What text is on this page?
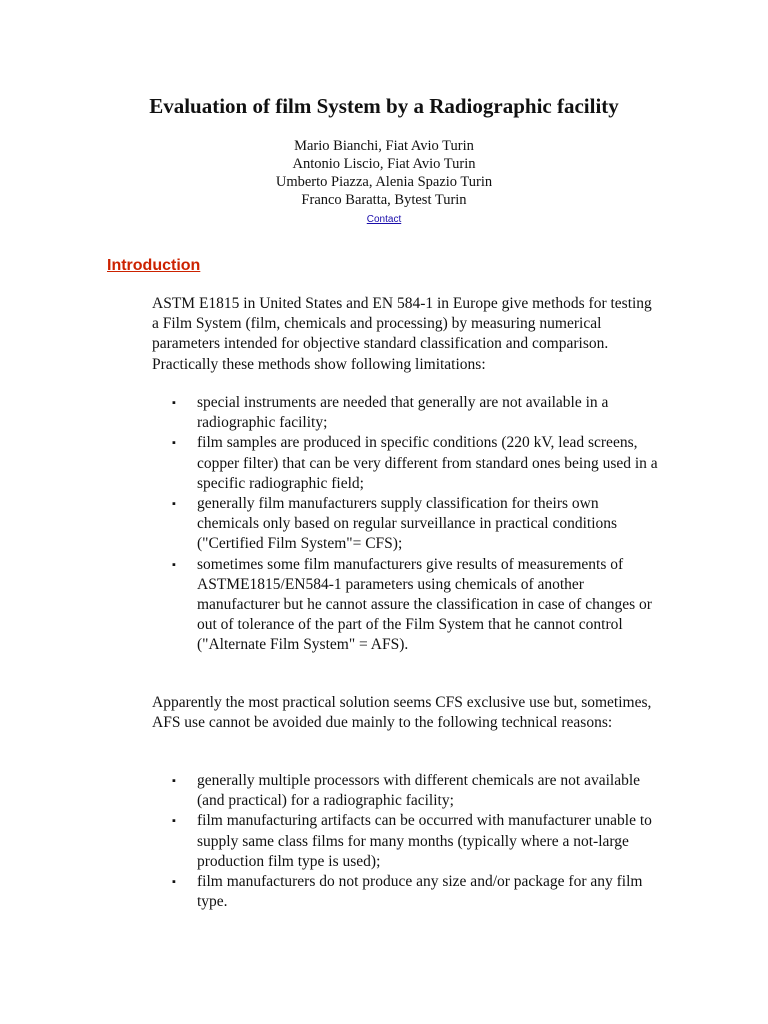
Evaluation of film System by a Radiographic facility
Mario Bianchi, Fiat Avio Turin
Antonio Liscio, Fiat Avio Turin
Umberto Piazza, Alenia Spazio Turin
Franco Baratta, Bytest Turin
Contact
Introduction

ASTM E1815 in United States and EN 584-1 in Europe give methods for testing a Film System (film, chemicals and processing) by measuring numerical parameters intended for objective standard classification and comparison. Practically these methods show following limitations:

▪	special instruments are needed that generally are not available in a radiographic facility;
▪	film samples are produced in specific conditions (220 kV, lead screens, copper filter) that can be very different from standard ones being used in a specific radiographic field;
▪	generally film manufacturers supply classification for theirs own chemicals only based on regular surveillance in practical conditions ("Certified Film System"= CFS);
▪	sometimes some film manufacturers give results of measurements of ASTME1815/EN584-1 parameters using chemicals of another manufacturer but he cannot assure the classification in case of changes or out of tolerance of the part of the Film System that he cannot control ("Alternate Film System" = AFS).

Apparently the most practical solution seems CFS exclusive use but, sometimes, AFS use cannot be avoided due mainly to the following technical reasons:

▪	generally multiple processors with different chemicals are not available (and practical) for a radiographic facility;
▪	film manufacturing artifacts can be occurred with manufacturer unable to supply same class films for many months (typically where a not-large production film type is used);
▪	film manufacturers do not produce any size and/or package for any film type.
